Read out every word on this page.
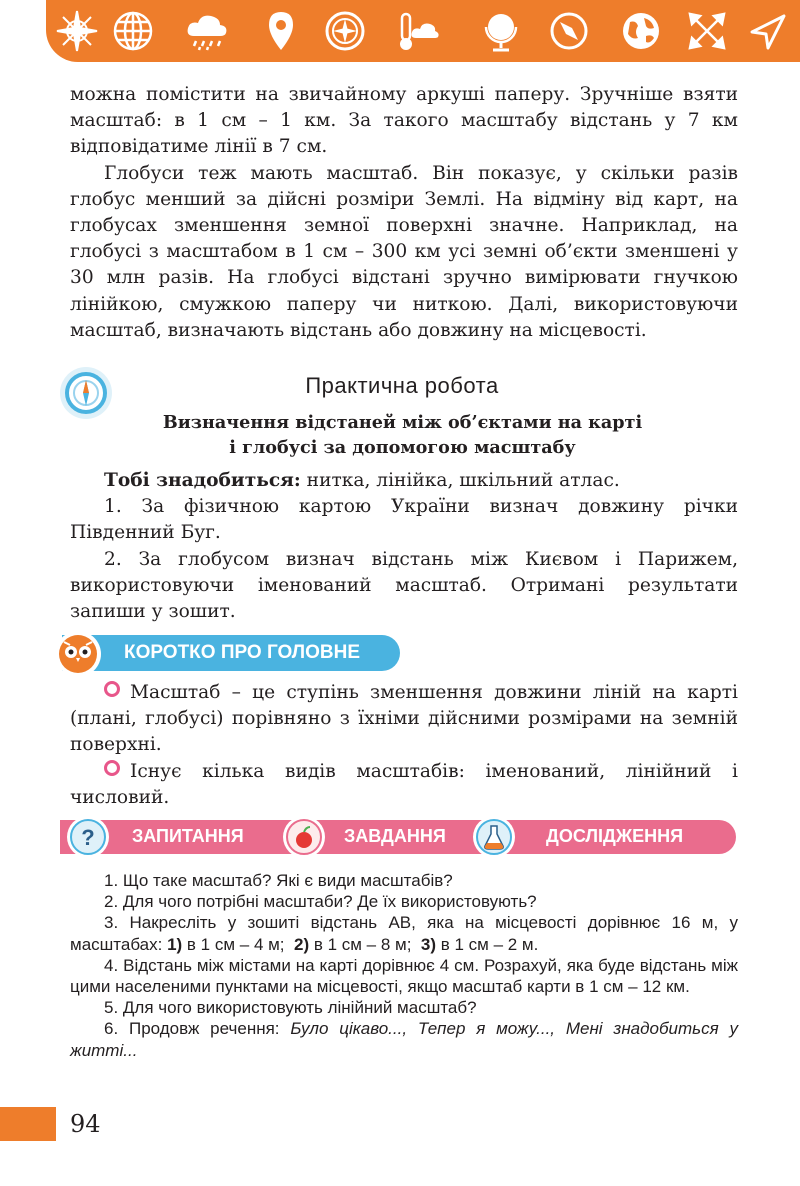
можна помістити на звичайному аркуші паперу. Зручніше взяти масштаб: в 1 см – 1 км. За такого масштабу відстань у 7 км відповідатиме лінії в 7 см.

Глобуси теж мають масштаб. Він показує, у скільки разів глобус менший за дійсні розміри Землі. На відміну від карт, на глобусах зменшення земної поверхні значне. Наприклад, на глобусі з масштабом в 1 см – 300 км усі земні об’єкти зменшені у 30 млн разів. На глобусі відстані зручно вимірювати гнучкою лінійкою, смужкою паперу чи ниткою. Далі, використовуючи масштаб, визначають відстань або довжину на місцевості.

Практична робота
Визначення відстаней між об’єктами на карті
і глобусі за допомогою масштабу

Тобі знадобиться: нитка, лінійка, шкільний атлас.

1. За фізичною картою України визнач довжину річки Південний Буг.

2. За глобусом визнач відстань між Києвом і Парижем, використовуючи іменований масштаб. Отримані результати запиши у зошит.

КОРОТКО ПРО ГОЛОВНЕ

Масштаб – це ступінь зменшення довжини ліній на карті (плані, глобусі) порівняно з їхніми дійсними розмірами на земній поверхні.

Існує кілька видів масштабів: іменований, лінійний і числовий.

? ЗАПИТАННЯ	ЗАВДАННЯ	ДОСЛІДЖЕННЯ

1. Що таке масштаб? Які є види масштабів?

2. Для чого потрібні масштаби? Де їх використовують?

3. Накресліть у зошиті відстань АВ, яка на місцевості дорівнює 16 м, у масштабах: 1) в 1 см – 4 м;  2) в 1 см – 8 м;  3) в 1 см – 2 м.

4. Відстань між містами на карті дорівнює 4 см. Розрахуй, яка буде відстань між цими населеними пунктами на місцевості, якщо масштаб карти в 1 см – 12 км.

5. Для чого використовують лінійний масштаб?

6. Продовж речення: Було цікаво..., Тепер я можу..., Мені знадобиться у житті...

94
